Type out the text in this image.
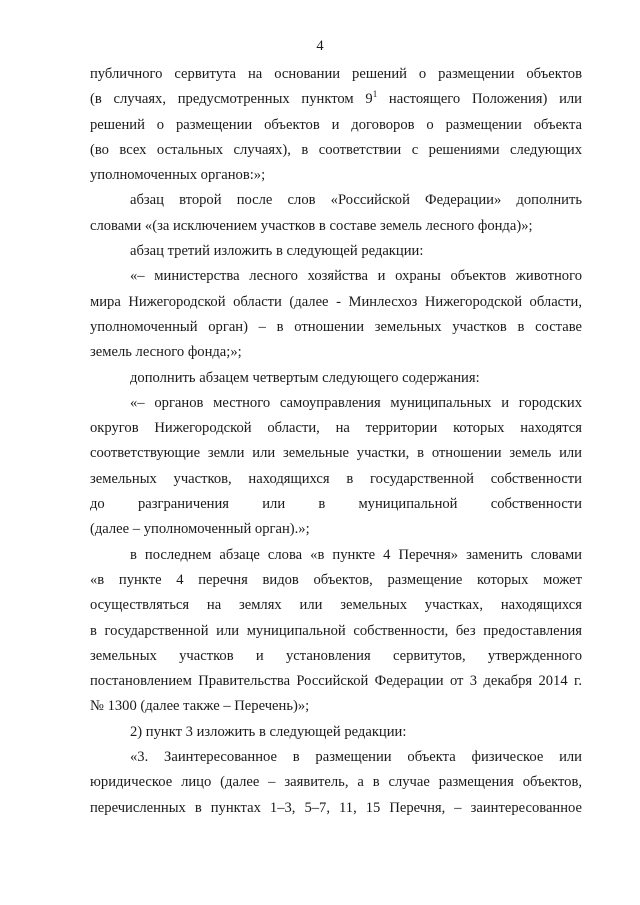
4
публичного сервитута на основании решений о размещении объектов
(в случаях, предусмотренных пунктом $9^1$ настоящего Положения) или
решений о размещении объектов и договоров о размещении объекта
(во всех остальных случаях), в соответствии с решениями следующих
уполномоченных органов:»;
абзац второй после слов «Российской Федерации» дополнить
словами «(за исключением участков в составе земель лесного фонда)»;
абзац третий изложить в следующей редакции:
«– министерства лесного хозяйства и охраны объектов животного
мира Нижегородской области (далее - Минлесхоз Нижегородской области,
уполномоченный орган) – в отношении земельных участков в составе
земель лесного фонда;»;
дополнить абзацем четвертым следующего содержания:
«– органов местного самоуправления муниципальных и городских
округов Нижегородской области, на территории которых находятся
соответствующие земли или земельные участки, в отношении земель или
земельных участков, находящихся в государственной собственности
до разграничения или в муниципальной собственности
(далее – уполномоченный орган).»;
в последнем абзаце слова «в пункте 4 Перечня» заменить словами
«в пункте 4 перечня видов объектов, размещение которых может
осуществляться на землях или земельных участках, находящихся
в государственной или муниципальной собственности, без предоставления
земельных участков и установления сервитутов, утвержденного
постановлением Правительства Российской Федерации от 3 декабря 2014 г.
№ 1300 (далее также – Перечень)»;
2) пункт 3 изложить в следующей редакции:
«3. Заинтересованное в размещении объекта физическое или
юридическое лицо (далее – заявитель, а в случае размещения объектов,
перечисленных в пунктах 1–3, 5–7, 11, 15 Перечня, – заинтересованное
